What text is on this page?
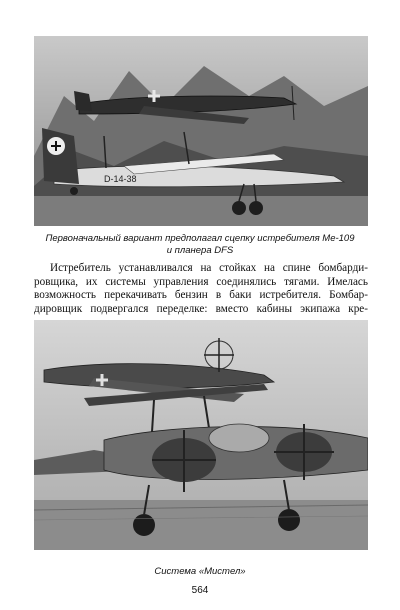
D-14-38
Первоначальный вариант предполагал сцепку истребителя Ме-109
и планера DFS
Истребитель устанавливался на стойках на спине бомбарди-
ровщика, их системы управления соединялись тягами. Имелась
возможность перекачивать бензин в баки истребителя. Бомбар-
дировщик подвергался переделке: вместо кабины экипажа кре-
Система «Мистел»
564
